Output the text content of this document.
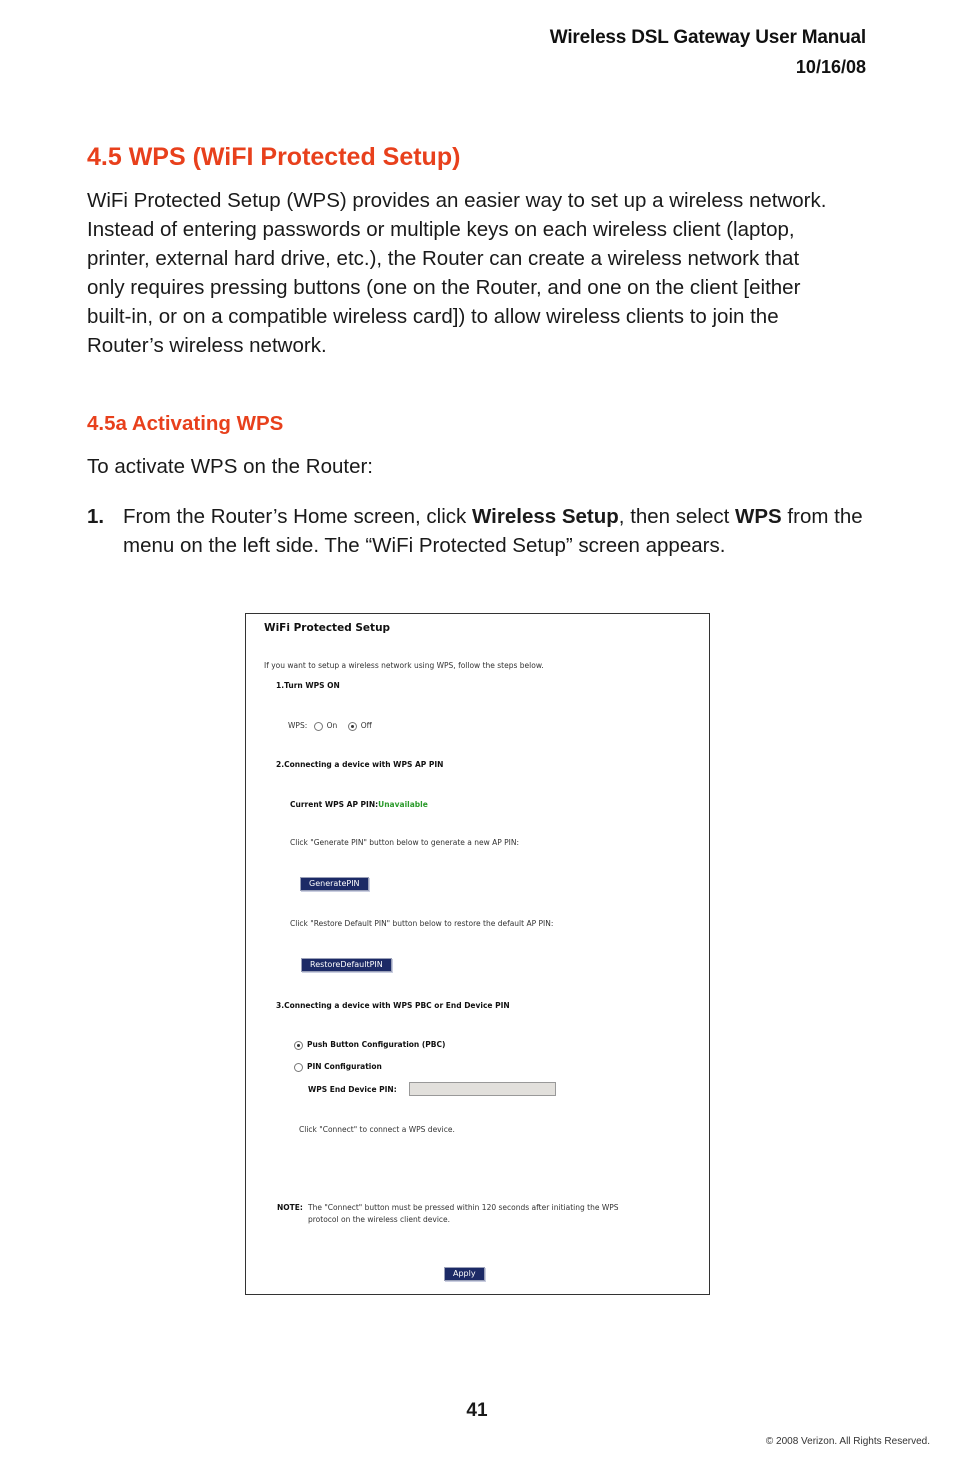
Wireless DSL Gateway User Manual
10/16/08
4.5 WPS (WiFI Protected Setup)

WiFi Protected Setup (WPS) provides an easier way to set up a wireless network.
Instead of entering passwords or multiple keys on each wireless client (laptop,
printer, external hard drive, etc.), the Router can create a wireless network that
only requires pressing buttons (one on the Router, and one on the client [either
built-in, or on a compatible wireless card]) to allow wireless clients to join the
Router’s wireless network.

4.5a Activating WPS

To activate WPS on the Router:

1. From the Router’s Home screen, click Wireless Setup, then select WPS from the menu on the left side. The “WiFi Protected Setup” screen appears.

WiFi Protected Setup
If you want to setup a wireless network using WPS, follow the steps below.
1.Turn WPS ON
WPS:	On	Off
2.Connecting a device with WPS AP PIN
Current WPS AP PIN:Unavailable
Click "Generate PIN" button below to generate a new AP PIN:
GeneratePIN
Click "Restore Default PIN" button below to restore the default AP PIN:
RestoreDefaultPIN
3.Connecting a device with WPS PBC or End Device PIN
Push Button Configuration (PBC)
PIN Configuration
WPS End Device PIN:
Click "Connect" to connect a WPS device.
NOTE: The "Connect" button must be pressed within 120 seconds after initiating the WPS
protocol on the wireless client device.
Apply
41
© 2008 Verizon. All Rights Reserved.
